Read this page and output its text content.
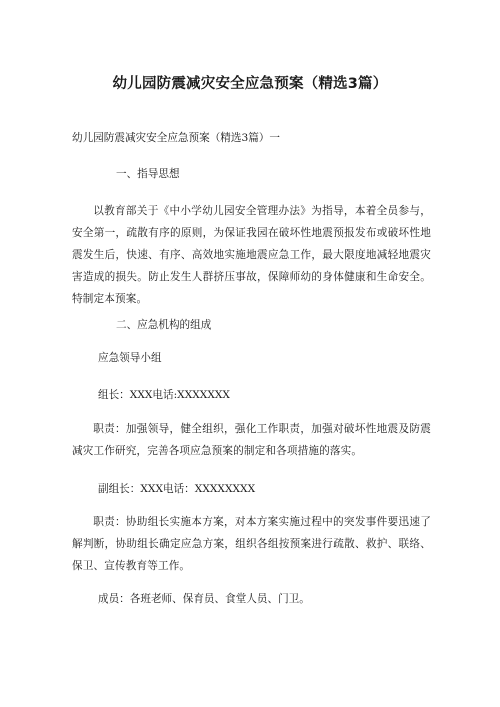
幼儿园防震减灾安全应急预案（精选3篇）
幼儿园防震减灾安全应急预案（精选3篇）一
一、指导思想
以教育部关于《中小学幼儿园安全管理办法》为指导，本着全员参与，安全第一，疏散有序的原则，为保证我园在破坏性地震预报发布或破坏性地震发生后，快速、有序、高效地实施地震应急工作，最大限度地减轻地震灾害造成的损失。防止发生人群挤压事故，保障师幼的身体健康和生命安全。特制定本预案。
二、应急机构的组成
应急领导小组
组长：XXX电话:XXXXXXX
职责：加强领导，健全组织，强化工作职责，加强对破坏性地震及防震减灾工作研究，完善各项应急预案的制定和各项措施的落实。
副组长：XXX电话：XXXXXXXX
职责：协助组长实施本方案，对本方案实施过程中的突发事件要迅速了解判断，协助组长确定应急方案，组织各组按预案进行疏散、救护、联络、保卫、宣传教育等工作。
成员：各班老师、保育员、食堂人员、门卫。
